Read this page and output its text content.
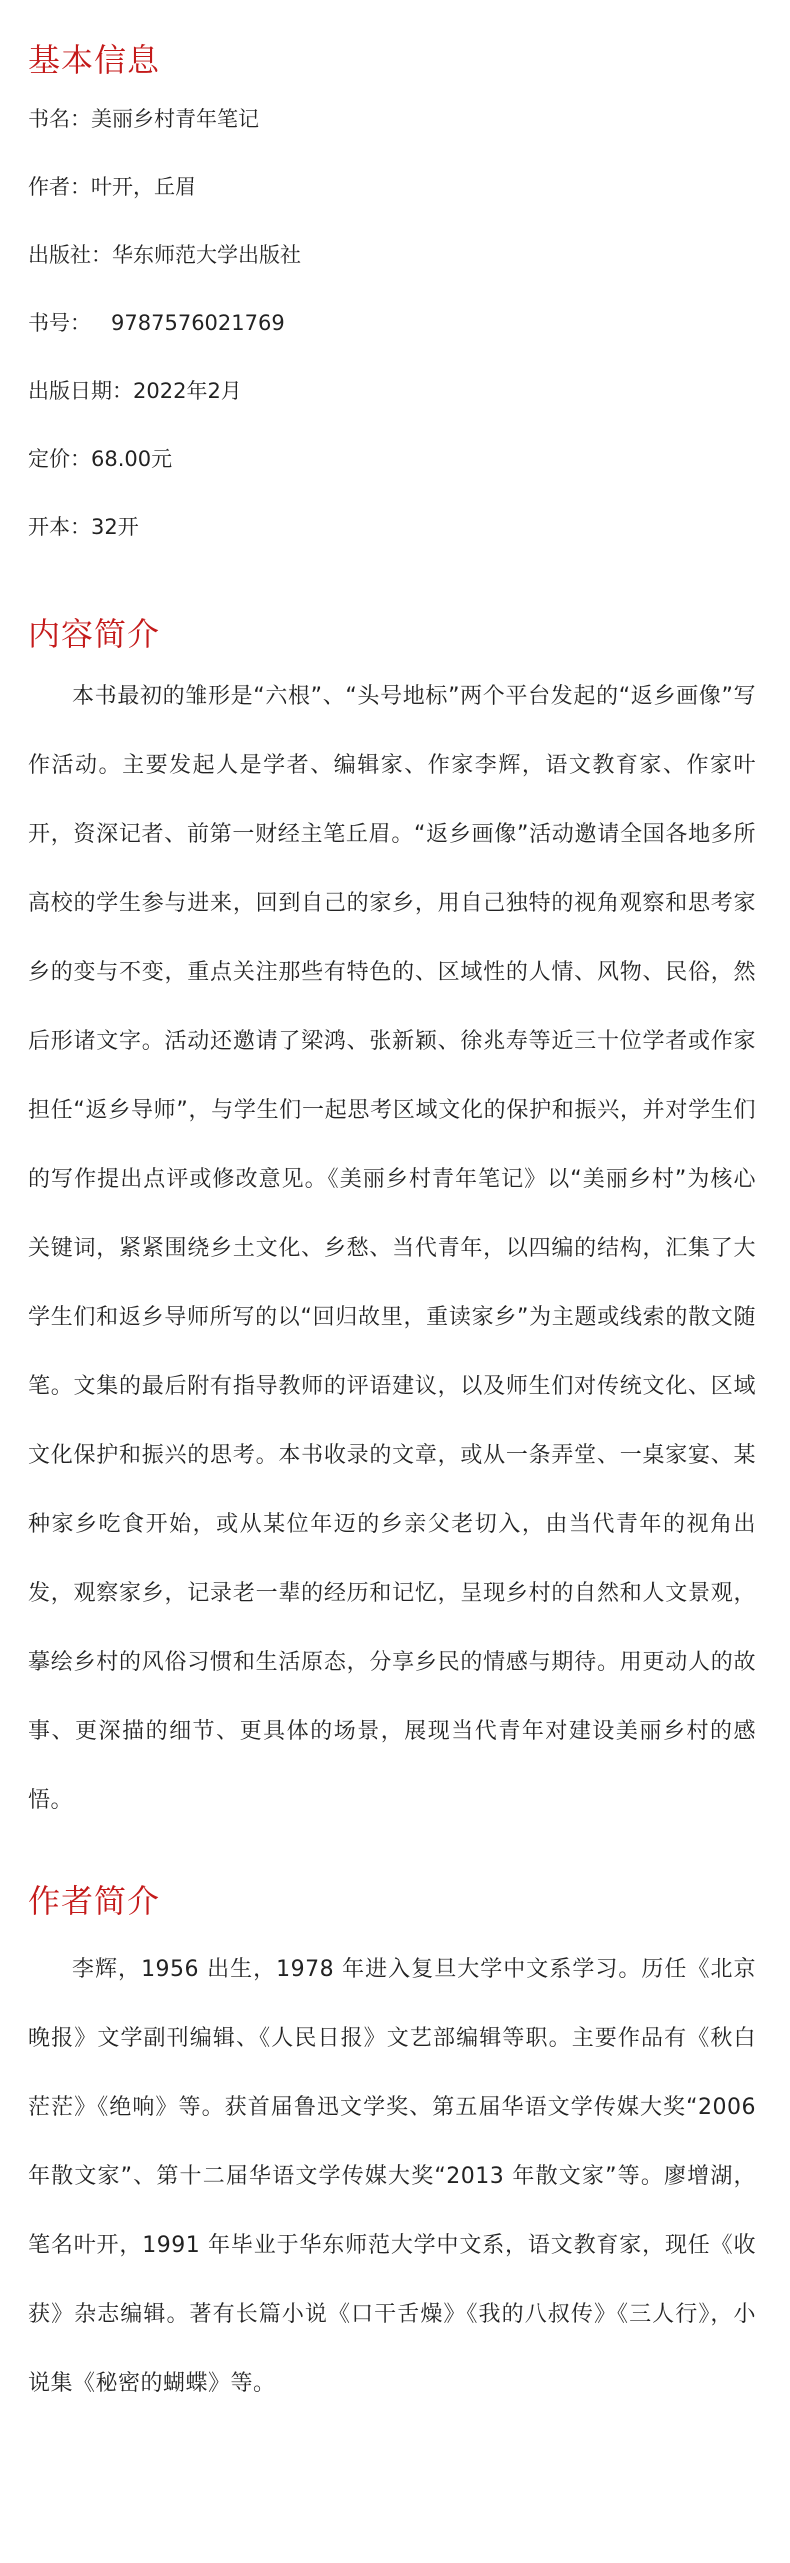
基本信息
书名：美丽乡村青年笔记
作者：叶开，丘眉
出版社：华东师范大学出版社
书号：   9787576021769
出版日期：2022年2月
定价：68.00元
开本：32开
内容简介

本书最初的雏形是“六根”、“头号地标”两个平台发起的“返乡画像”写作活动。主要发起人是学者、编辑家、作家李辉，语文教育家、作家叶开，资深记者、前第一财经主笔丘眉。“返乡画像”活动邀请全国各地多所高校的学生参与进来，回到自己的家乡，用自己独特的视角观察和思考家乡的变与不变，重点关注那些有特色的、区域性的人情、风物、民俗，然后形诸文字。活动还邀请了梁鸿、张新颖、徐兆寿等近三十位学者或作家担任“返乡导师”，与学生们一起思考区域文化的保护和振兴，并对学生们的写作提出点评或修改意见。《美丽乡村青年笔记》以“美丽乡村”为核心关键词，紧紧围绕乡土文化、乡愁、当代青年，以四编的结构，汇集了大学生们和返乡导师所写的以“回归故里，重读家乡”为主题或线索的散文随笔。文集的最后附有指导教师的评语建议，以及师生们对传统文化、区域文化保护和振兴的思考。本书收录的文章，或从一条弄堂、一桌家宴、某种家乡吃食开始，或从某位年迈的乡亲父老切入，由当代青年的视角出发，观察家乡，记录老一辈的经历和记忆，呈现乡村的自然和人文景观，摹绘乡村的风俗习惯和生活原态，分享乡民的情感与期待。用更动人的故事、更深描的细节、更具体的场景，展现当代青年对建设美丽乡村的感悟。

作者简介

李辉，1956 出生，1978 年进入复旦大学中文系学习。历任《北京晚报》文学副刊编辑、《人民日报》文艺部编辑等职。主要作品有《秋白茫茫》《绝响》等。获首届鲁迅文学奖、第五届华语文学传媒大奖“2006 年散文家”、第十二届华语文学传媒大奖“2013 年散文家”等。廖增湖，笔名叶开，1991 年毕业于华东师范大学中文系，语文教育家，现任《收获》杂志编辑。著有长篇小说《口干舌燥》《我的八叔传》《三人行》，小说集《秘密的蝴蝶》等。
